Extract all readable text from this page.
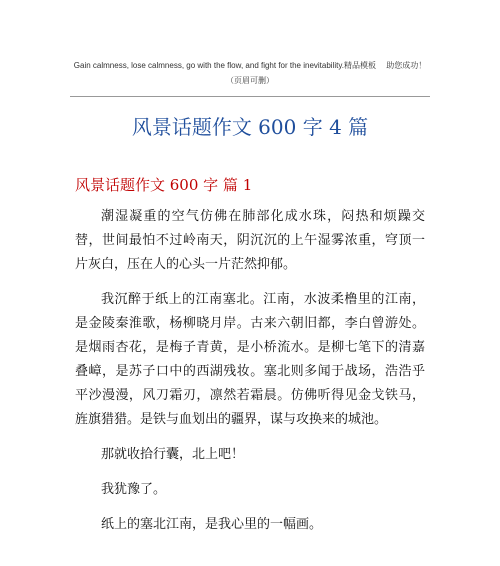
Gain calmness, lose calmness, go with the flow, and fight for the inevitability.精品模板　 助您成功！（页眉可删）
风景话题作文 600 字 4 篇
风景话题作文 600 字 篇 1

潮湿凝重的空气仿佛在肺部化成水珠，闷热和烦躁交替，世间最怕不过岭南天，阴沉沉的上午湿雾浓重，穹顶一片灰白，压在人的心头一片茫然抑郁。

我沉醉于纸上的江南塞北。江南，水波柔橹里的江南，是金陵秦淮歌，杨柳晓月岸。古来六朝旧都，李白曾游处。是烟雨杏花，是梅子青黄，是小桥流水。是柳七笔下的清嘉叠嶂，是苏子口中的西湖残妆。塞北则多闻于战场，浩浩乎平沙漫漫，风刀霜刃，凛然若霜晨。仿佛听得见金戈铁马，旌旗猎猎。是铁与血划出的疆界，谋与攻换来的城池。

那就收拾行囊，北上吧！

我犹豫了。

纸上的塞北江南，是我心里的一幅画。
